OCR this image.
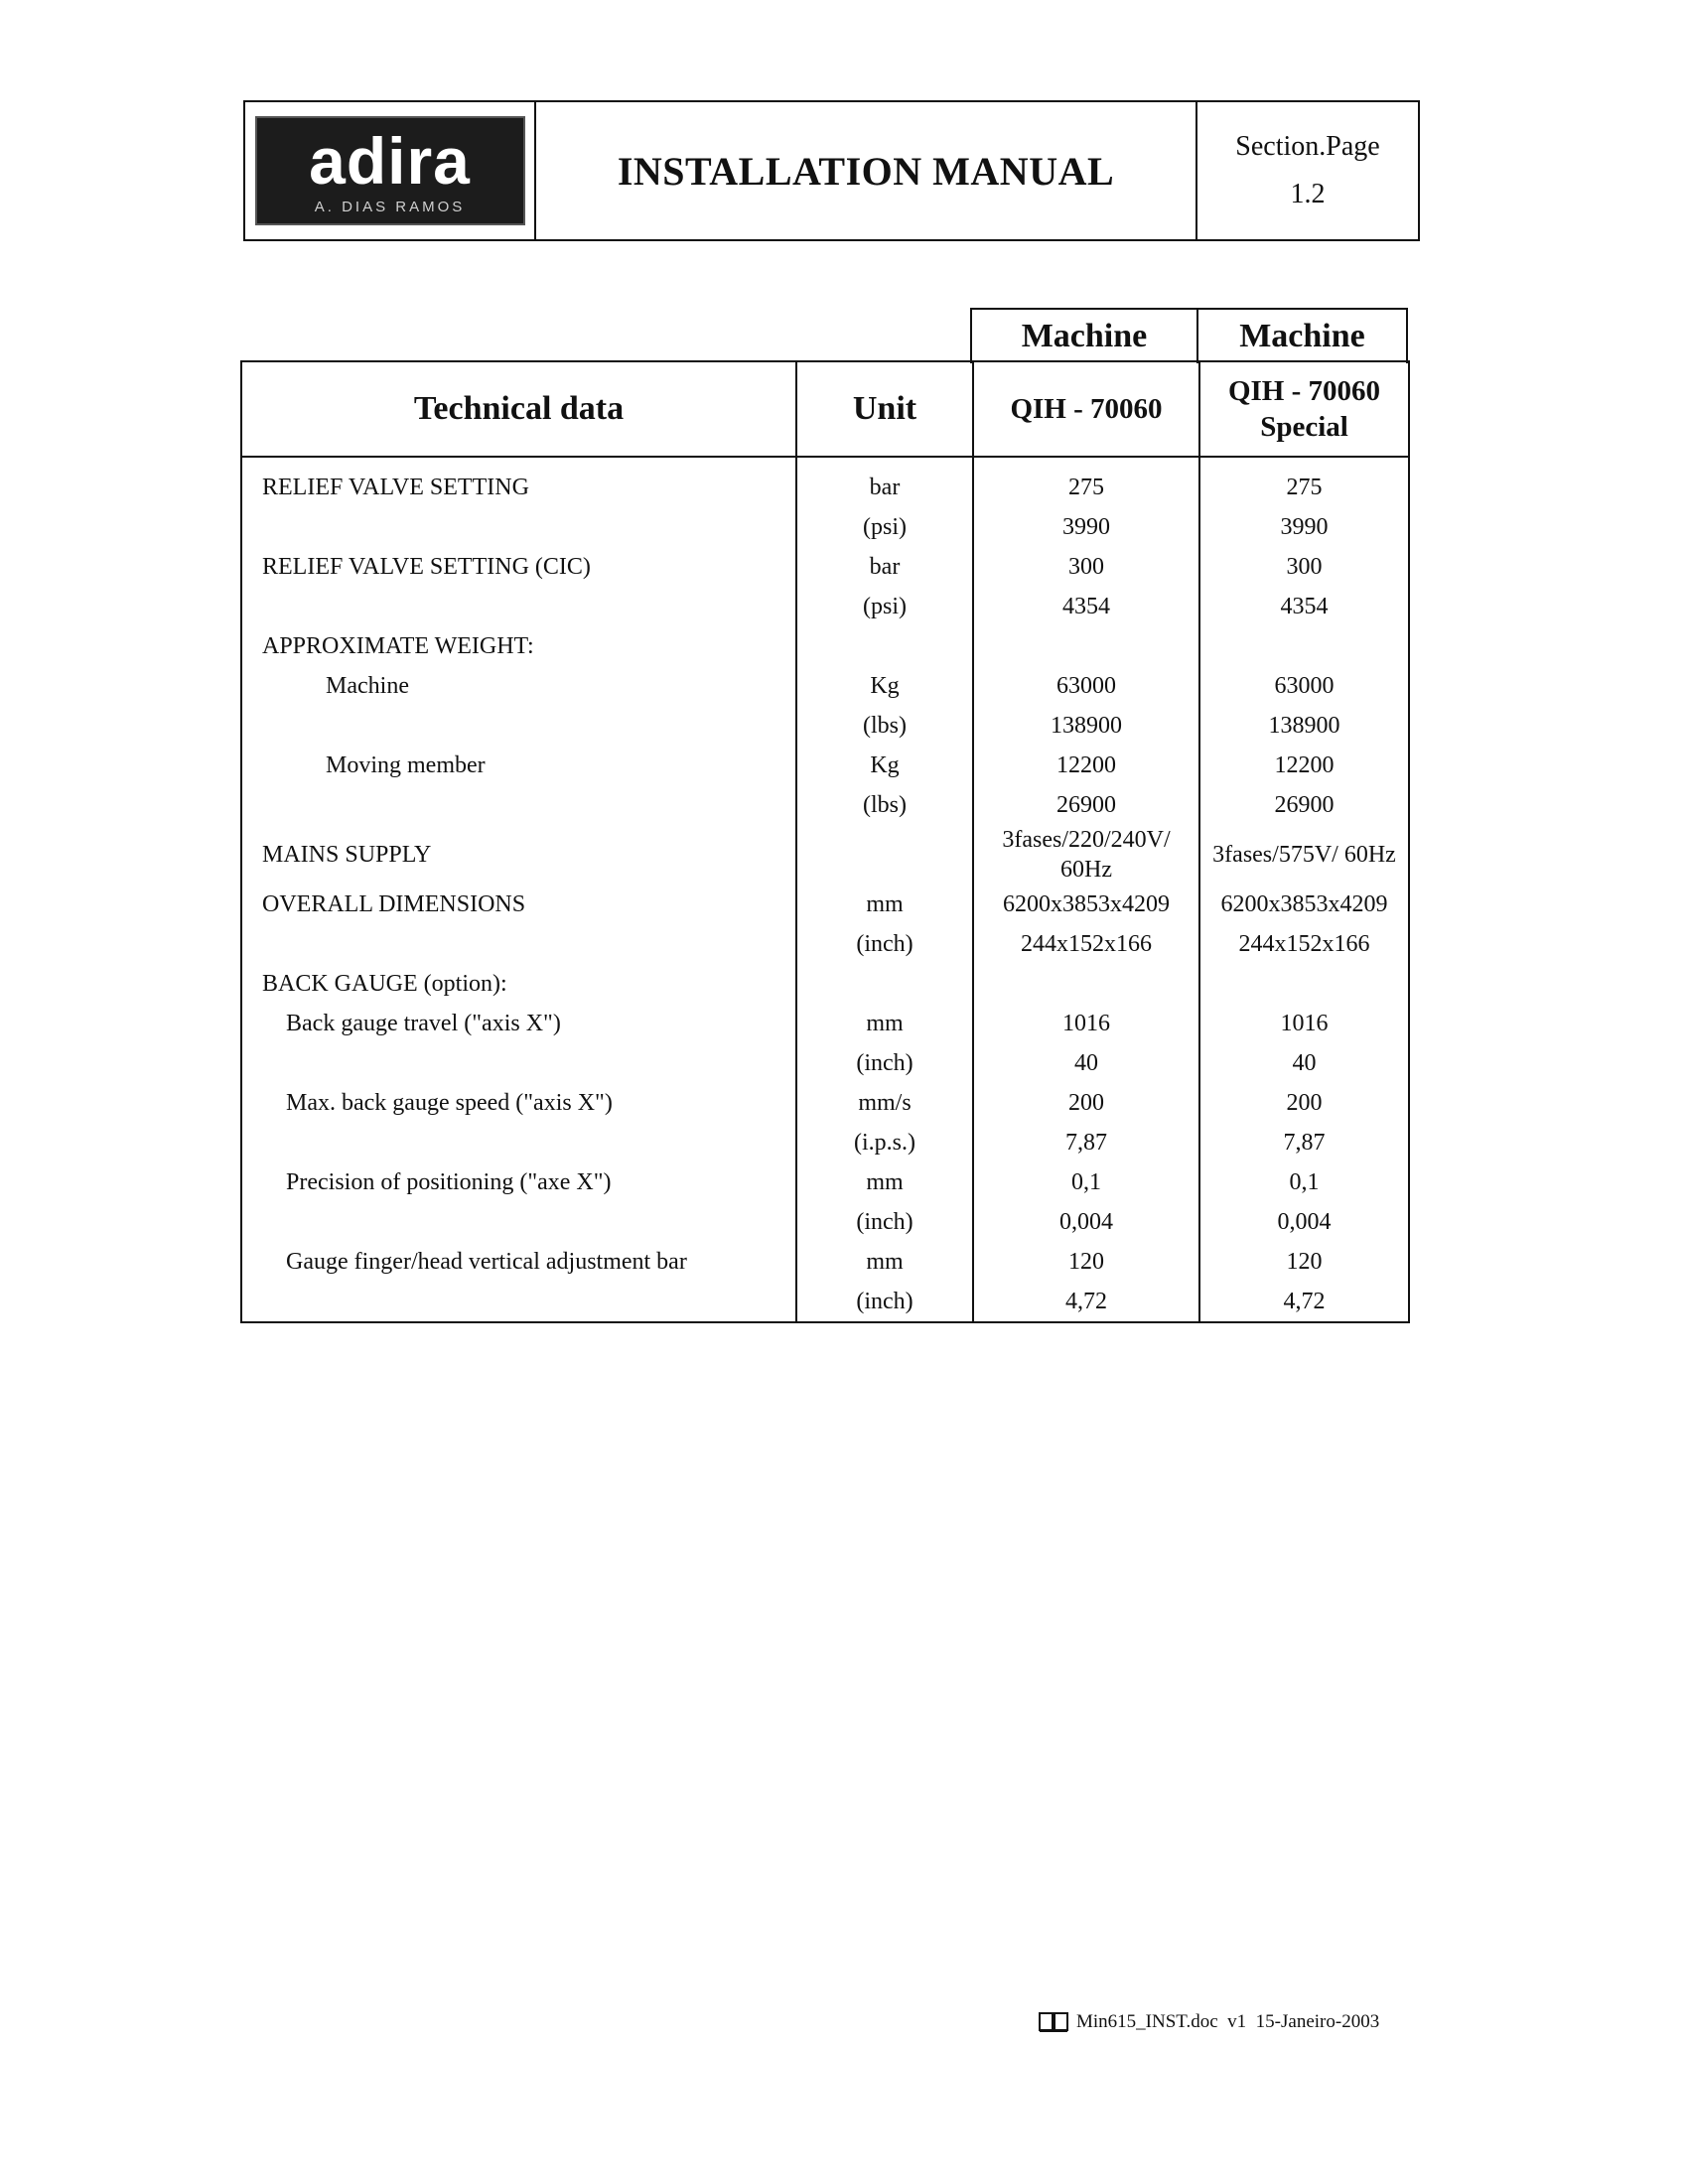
adira
A. DIAS RAMOS
INSTALLATION MANUAL
Section.Page
1.2
Machine	Machine
Technical data	Unit	QIH - 70060	QIH - 70060
Special

RELIEF VALVE SETTING	bar	275	275
	(psi)	3990	3990
RELIEF VALVE SETTING (CIC)	bar	300	300
	(psi)	4354	4354
APPROXIMATE WEIGHT:			
Machine	Kg	63000	63000
	(lbs)	138900	138900
Moving member	Kg	12200	12200
	(lbs)	26900	26900
MAINS SUPPLY		3fases/220/240V/ 60Hz	3fases/575V/ 60Hz
OVERALL DIMENSIONS	mm	6200x3853x4209	6200x3853x4209
	(inch)	244x152x166	244x152x166
BACK GAUGE (option):			
Back gauge travel ("axis X")	mm	1016	1016
	(inch)	40	40
Max. back gauge speed ("axis X")	mm/s	200	200
	(i.p.s.)	7,87	7,87
Precision of positioning ("axe X")	mm	0,1	0,1
	(inch)	0,004	0,004
Gauge finger/head vertical adjustment bar	mm	120	120
	(inch)	4,72	4,72
Min615_INST.doc  v1  15-Janeiro-2003
